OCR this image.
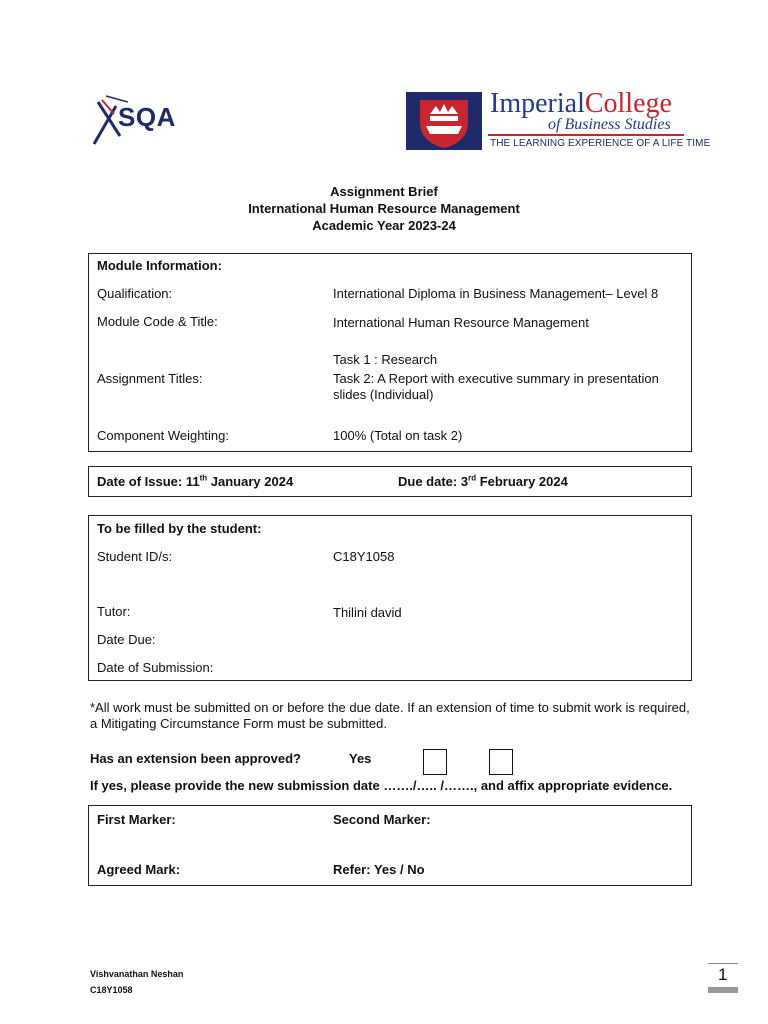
SQA	ImperialCollege
of Business Studies
THE LEARNING EXPERIENCE OF A LIFE TIME
Assignment Brief
International Human Resource Management
Academic Year 2023-24
Module Information:
Qualification:	International Diploma in Business Management– Level 8
Module Code & Title:	International Human Resource Management
Task 1 : Research
Assignment Titles:	Task 2: A Report with executive summary in presentation
slides (Individual)
Component Weighting:	100% (Total on task 2)
Date of Issue: 11th January 2024	Due date: 3rd February 2024
To be filled by the student:
Student ID/s:	C18Y1058
Tutor:	Thilini david
Date Due:
Date of Submission:
*All work must be submitted on or before the due date. If an extension of time to submit work is required,
a Mitigating Circumstance Form must be submitted.
Has an extension been approved?	Yes
If yes, please provide the new submission date ……./….. /……., and affix appropriate evidence.
First Marker:	Second Marker:
Agreed Mark:	Refer: Yes / No
Vishvanathan Neshan
C18Y1058
1
